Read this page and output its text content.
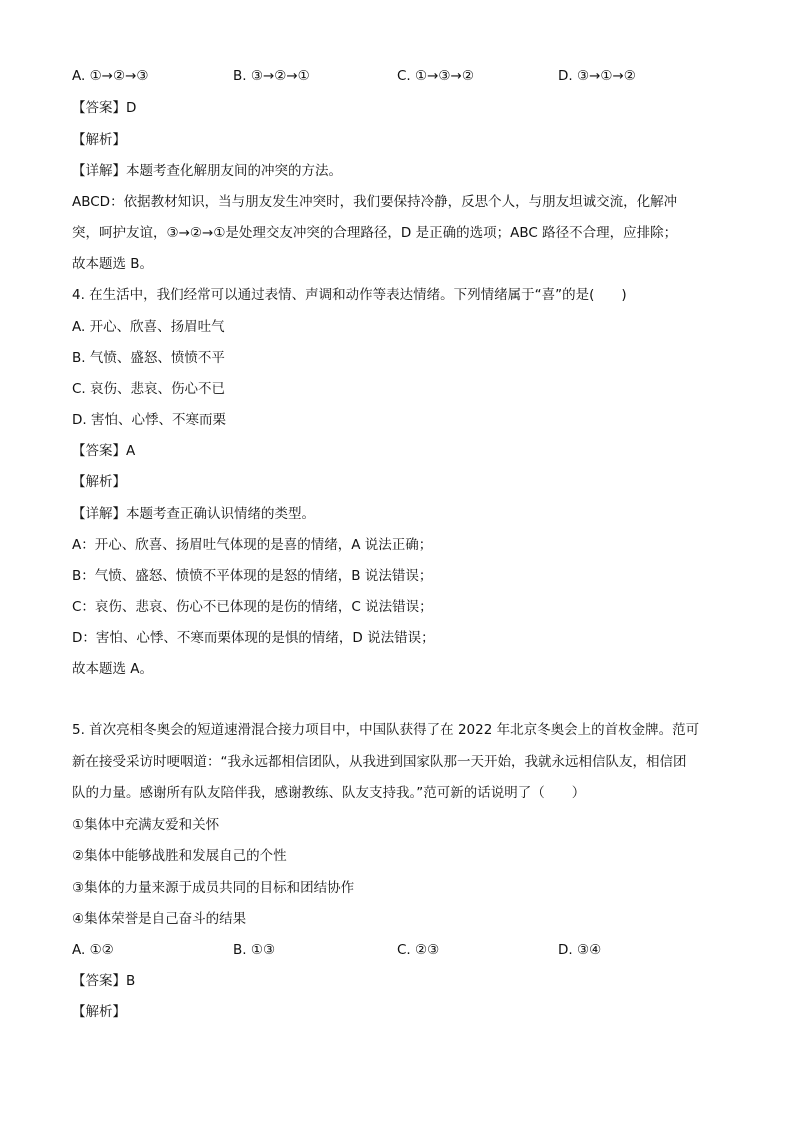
A. ①→②→③	B. ③→②→①	C. ①→③→②	D. ③→①→②
【答案】D
【解析】
【详解】本题考查化解朋友间的冲突的方法。
ABCD：依据教材知识，当与朋友发生冲突时，我们要保持冷静，反思个人，与朋友坦诚交流，化解冲
突，呵护友谊，③→②→①是处理交友冲突的合理路径，D 是正确的选项；ABC 路径不合理，应排除；
故本题选 B。
4. 在生活中，我们经常可以通过表情、声调和动作等表达情绪。下列情绪属于“喜”的是(　　)
A. 开心、欣喜、扬眉吐气
B. 气愤、盛怒、愤愤不平
C. 哀伤、悲哀、伤心不已
D. 害怕、心悸、不寒而栗
【答案】A
【解析】
【详解】本题考查正确认识情绪的类型。
A：开心、欣喜、扬眉吐气体现的是喜的情绪，A 说法正确；
B：气愤、盛怒、愤愤不平体现的是怒的情绪，B 说法错误；
C：哀伤、悲哀、伤心不已体现的是伤的情绪，C 说法错误；
D：害怕、心悸、不寒而栗体现的是惧的情绪，D 说法错误；
故本题选 A。
5. 首次亮相冬奥会的短道速滑混合接力项目中，中国队获得了在 2022 年北京冬奥会上的首枚金牌。范可
新在接受采访时哽咽道：“我永远都相信团队，从我进到国家队那一天开始，我就永远相信队友，相信团
队的力量。感谢所有队友陪伴我，感谢教练、队友支持我。”范可新的话说明了（　　）
①集体中充满友爱和关怀
②集体中能够战胜和发展自己的个性
③集体的力量来源于成员共同的目标和团结协作
④集体荣誉是自己奋斗的结果
A. ①②	B. ①③	C. ②③	D. ③④
【答案】B
【解析】
